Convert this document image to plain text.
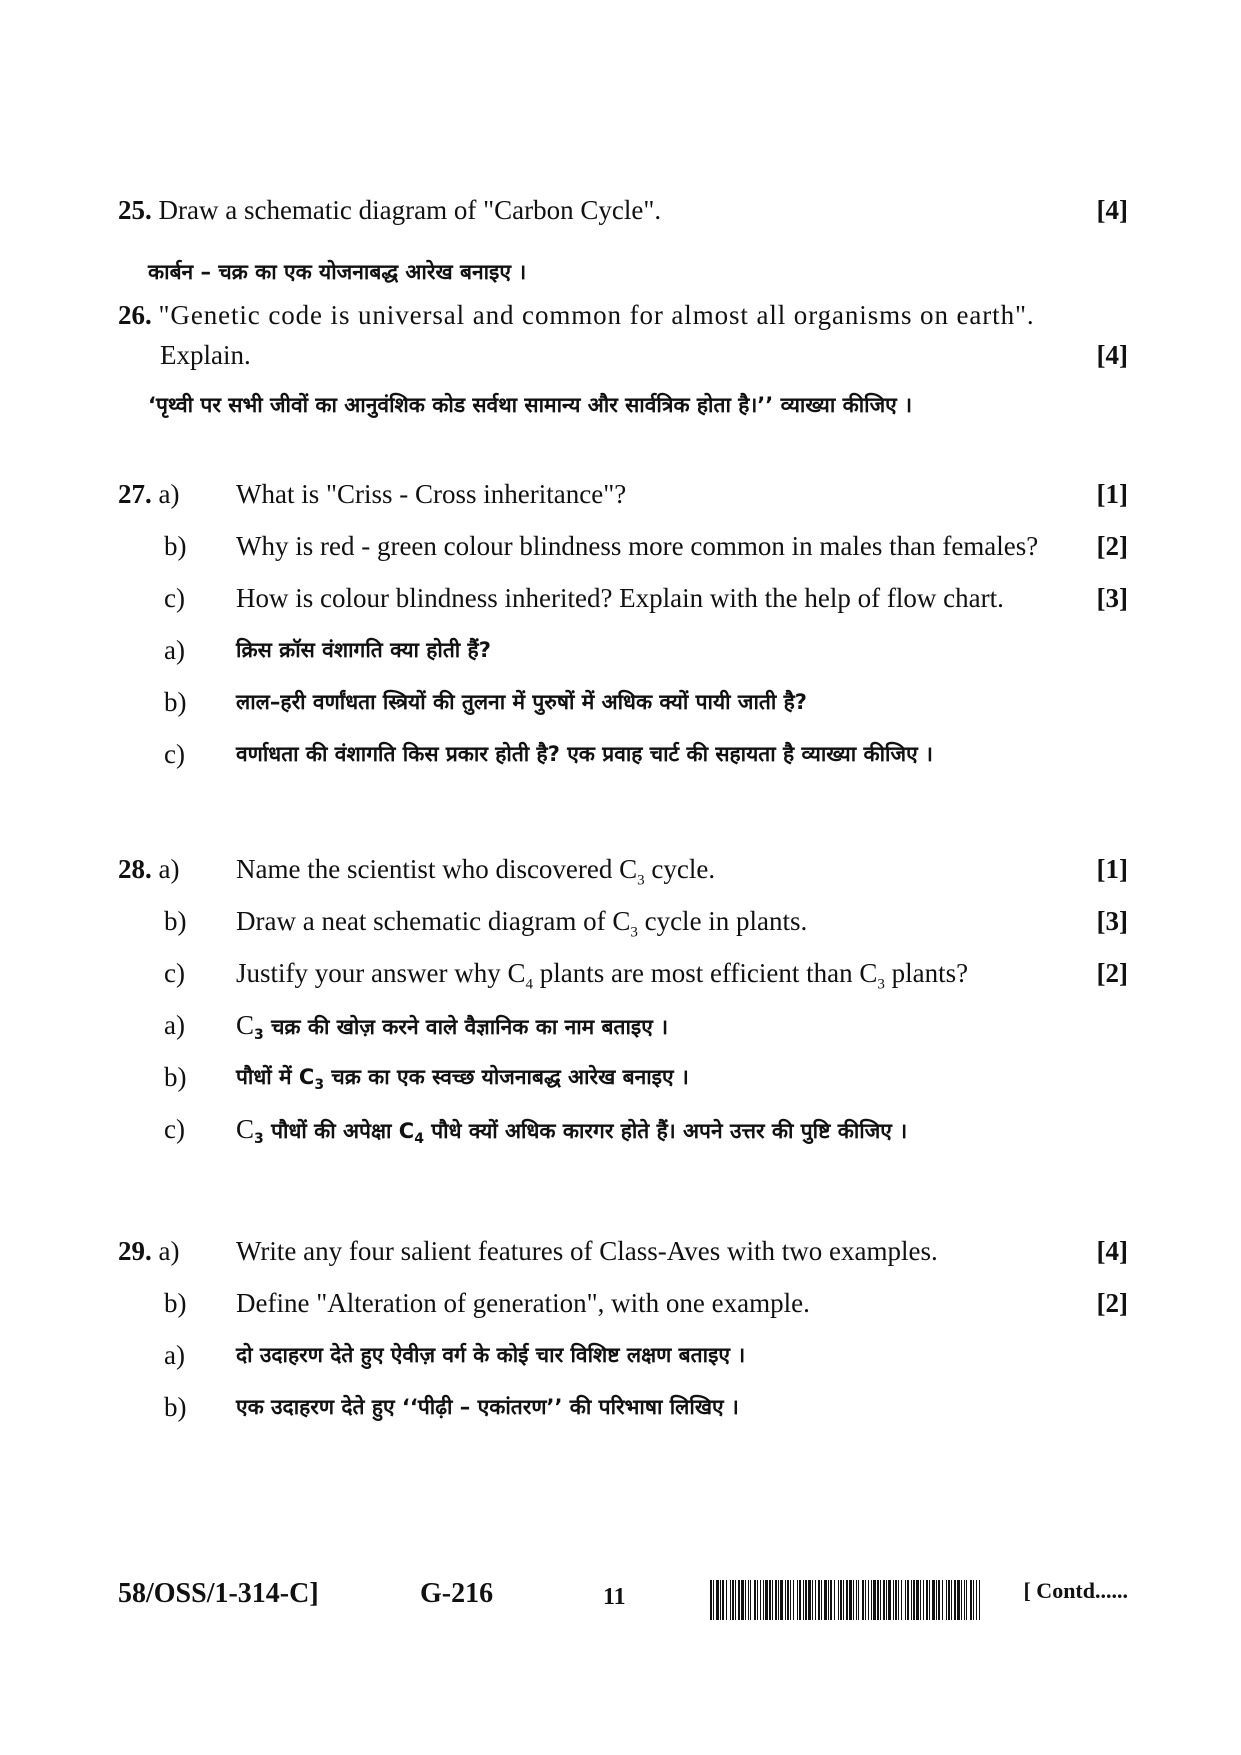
25. Draw a schematic diagram of "Carbon Cycle".	[4]
कार्बन – चक्र का एक योजनाबद्ध आरेख बनाइए ।
26. "Genetic code is universal and common for almost all organisms on earth".
Explain.	[4]
‘पृथ्वी पर सभी जीवों का आनुवंशिक कोड सर्वथा सामान्य और सार्वत्रिक होता है।’’ व्याख्या कीजिए ।
27. a) What is "Criss - Cross inheritance"?	[1]
b) Why is red - green colour blindness more common in males than females?	[2]
c) How is colour blindness inherited? Explain with the help of flow chart.	[3]
a) क्रिस क्रॉस वंशागति क्या होती हैं?
b) लाल–हरी वर्णांधता स्त्रियों की तुलना में पुरुषों में अधिक क्यों पायी जाती है?
c) वर्णाधता की वंशागति किस प्रकार होती है? एक प्रवाह चार्ट की सहायता है व्याख्या कीजिए ।
28. a) Name the scientist who discovered $C_3$ cycle.	[1]
b) Draw a neat schematic diagram of $C_3$ cycle in plants.	[3]
c) Justify your answer why $C_4$ plants are most efficient than $C_3$ plants?	[2]
a) $C_3$ चक्र की खोज़ करने वाले वैज्ञानिक का नाम बताइए ।
b) पौधों में $C_3$ चक्र का एक स्वच्छ योजनाबद्ध आरेख बनाइए ।
c) $C_3$ पौधों की अपेक्षा $C_4$ पौधे क्यों अधिक कारगर होते हैं। अपने उत्तर की पुष्टि कीजिए ।
29. a) Write any four salient features of Class-Aves with two examples.	[4]
b) Define "Alteration of generation", with one example.	[2]
a) दो उदाहरण देते हुए ऐवीज़ वर्ग के कोई चार विशिष्ट लक्षण बताइए ।
b) एक उदाहरण देते हुए ‘‘पीढ़ी – एकांतरण’’ की परिभाषा लिखिए ।
58/OSS/1-314-C]	G-216	11	[ Contd......
